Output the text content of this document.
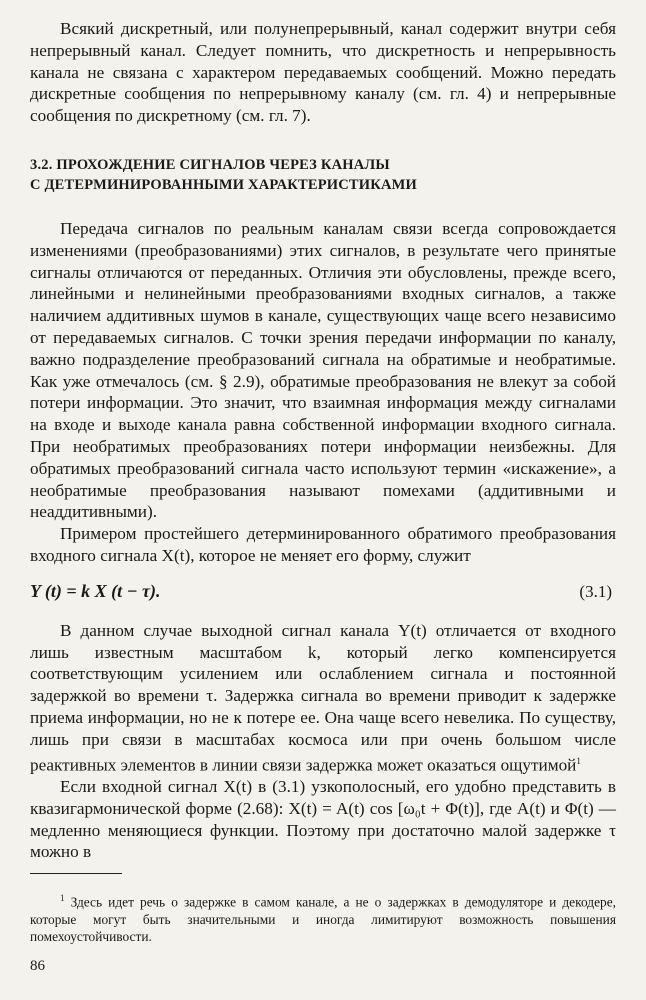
Всякий дискретный, или полунепрерывный, канал содержит внутри себя непрерывный канал. Следует помнить, что дискретность и непрерывность канала не связана с характером передаваемых сообщений. Можно передать дискретные сообщения по непрерывному каналу (см. гл. 4) и непрерывные сообщения по дискретному (см. гл. 7).

3.2. ПРОХОЖДЕНИЕ СИГНАЛОВ ЧЕРЕЗ КАНАЛЫ
С ДЕТЕРМИНИРОВАННЫМИ ХАРАКТЕРИСТИКАМИ

Передача сигналов по реальным каналам связи всегда сопровождается изменениями (преобразованиями) этих сигналов, в результате чего принятые сигналы отличаются от переданных. Отличия эти обусловлены, прежде всего, линейными и нелинейными преобразованиями входных сигналов, а также наличием аддитивных шумов в канале, существующих чаще всего независимо от передаваемых сигналов. С точки зрения передачи информации по каналу, важно подразделение преобразований сигнала на обратимые и необратимые. Как уже отмечалось (см. § 2.9), обратимые преобразования не влекут за собой потери информации. Это значит, что взаимная информация между сигналами на входе и выходе канала равна собственной информации входного сигнала. При необратимых преобразованиях потери информации неизбежны. Для обратимых преобразований сигнала часто используют термин «искажение», а необратимые преобразования называют помехами (аддитивными и неаддитивными).

Примером простейшего детерминированного обратимого преобразования входного сигнала X(t), которое не меняет его форму, служит

Y (t) = k X (t − τ).	(3.1)

В данном случае выходной сигнал канала Y(t) отличается от входного лишь известным масштабом k, который легко компенсируется соответствующим усилением или ослаблением сигнала и постоянной задержкой во времени τ. Задержка сигнала во времени приводит к задержке приема информации, но не к потере ее. Она чаще всего невелика. По существу, лишь при связи в масштабах космоса или при очень большом числе реактивных элементов в линии связи задержка может оказаться ощутимой$^1$

Если входной сигнал X(t) в (3.1) узкополосный, его удобно представить в квазигармонической форме (2.68): X(t) = A(t) cos [ω₀t + Φ(t)], где A(t) и Φ(t) — медленно меняющиеся функции. Поэтому при достаточно малой задержке τ можно в

$^1$ Здесь идет речь о задержке в самом канале, а не о задержках в демодуляторе и декодере, которые могут быть значительными и иногда лимитируют возможность повышения помехоустойчивости.
86
